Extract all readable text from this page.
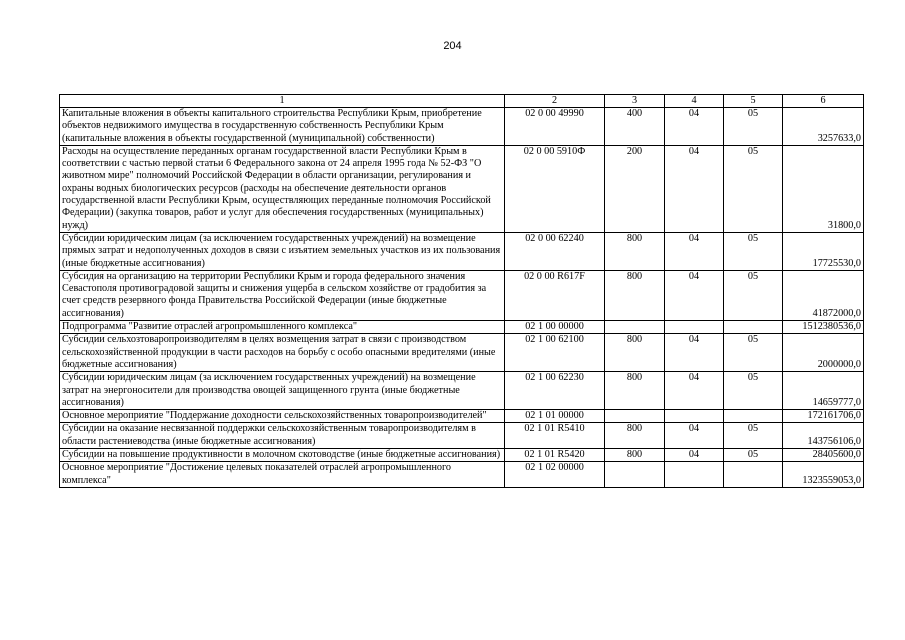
204
1	2	3	4	5	6
Капитальные вложения в объекты капитального строительства Республики Крым, приобретение объектов недвижимого имущества в государственную собственность Республики Крым (капитальные вложения в объекты государственной (муниципальной) собственности)	02 0 00 49990	400	04	05	3257633,0
Расходы на осуществление переданных органам государственной власти Республики Крым в соответствии с частью первой статьи 6 Федерального закона от 24 апреля 1995 года № 52-ФЗ "О животном мире" полномочий Российской Федерации в области организации, регулирования и охраны водных биологических ресурсов (расходы на обеспечение деятельности органов государственной власти Республики Крым, осуществляющих переданные полномочия Российской Федерации) (закупка товаров, работ и услуг для обеспечения государственных (муниципальных) нужд)	02 0 00 5910Ф	200	04	05	31800,0
Субсидии юридическим лицам (за исключением государственных учреждений) на возмещение прямых затрат и недополученных доходов в связи с изъятием земельных участков из их пользования (иные бюджетные ассигнования)	02 0 00 62240	800	04	05	17725530,0
Субсидия на организацию на территории Республики Крым и города федерального значения Севастополя противоградовой защиты и снижения ущерба в сельском хозяйстве от градобития за счет средств резервного фонда Правительства Российской Федерации (иные бюджетные ассигнования)	02 0 00 R617F	800	04	05	41872000,0
Подпрограмма "Развитие отраслей агропромышленного комплекса"	02 1 00 00000				1512380536,0
Субсидии сельхозтоваропроизводителям в целях возмещения затрат в связи с производством сельскохозяйственной продукции в части расходов на борьбу с особо опасными вредителями (иные бюджетные ассигнования)	02 1 00 62100	800	04	05	2000000,0
Субсидии юридическим лицам (за исключением государственных учреждений) на возмещение затрат на энергоносители для производства овощей защищенного грунта (иные бюджетные ассигнования)	02 1 00 62230	800	04	05	14659777,0
Основное мероприятие "Поддержание доходности сельскохозяйственных товаропроизводителей"	02 1 01 00000				172161706,0
Субсидии на оказание несвязанной поддержки сельскохозяйственным товаропроизводителям в области растениеводства (иные бюджетные ассигнования)	02 1 01 R5410	800	04	05	143756106,0
Субсидии на повышение продуктивности в молочном скотоводстве (иные бюджетные ассигнования)	02 1 01 R5420	800	04	05	28405600,0
Основное мероприятие "Достижение целевых показателей отраслей агропромышленного комплекса"	02 1 02 00000				1323559053,0
